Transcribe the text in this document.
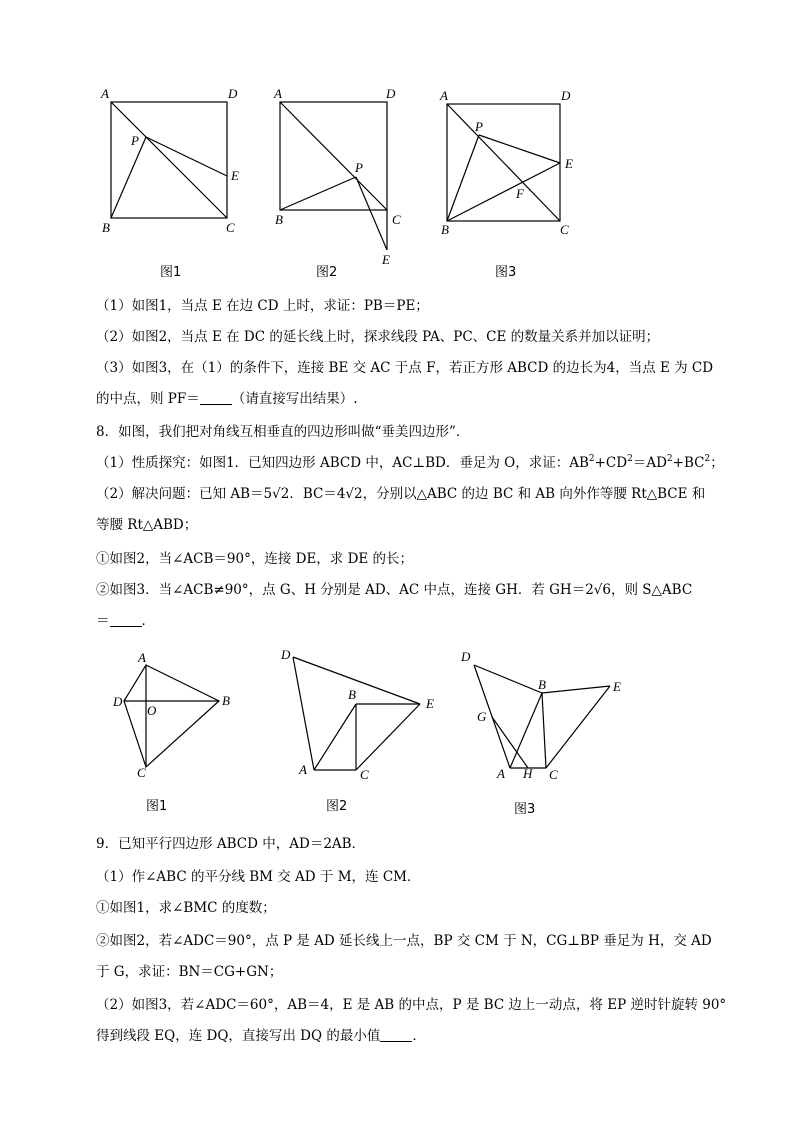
A	D
B	C
P
E
图1
A	D
B	C
P
E
图2
A	D
B	C
P
E
F
图3
（1）如图1，当点 E 在边 CD 上时，求证：PB＝PE；
（2）如图2，当点 E 在 DC 的延长线上时，探求线段 PA、PC、CE 的数量关系并加以证明；
（3）如图3，在（1）的条件下，连接 BE 交 AC 于点 F，若正方形 ABCD 的边长为4，当点 E 为 CD
的中点，则 PF＝ （请直接写出结果）.
8．如图，我们把对角线互相垂直的四边形叫做“垂美四边形”．
（1）性质探究：如图1．已知四边形 ABCD 中，AC⊥BD．垂足为 O，求证：$AB^2+CD^2=AD^2+BC^2$；
（2）解决问题：已知 AB＝5√2．BC＝4√2，分别以△ABC 的边 BC 和 AB 向外作等腰 Rt△BCE 和
等腰 Rt△ABD；
①如图2，当∠ACB＝90°，连接 DE，求 DE 的长；
②如图3．当∠ACB≠90°，点 G、H 分别是 AD、AC 中点，连接 GH．若 GH＝2√6，则 S△ABC
＝ ．
A
B
D
O
C
图1
D
B
E
A	C
图2
D
B	E
G
A H C
图3
9．已知平行四边形 ABCD 中，AD＝2AB．
（1）作∠ABC 的平分线 BM 交 AD 于 M，连 CM．
①如图1，求∠BMC 的度数；
②如图2，若∠ADC＝90°，点 P 是 AD 延长线上一点，BP 交 CM 于 N，CG⊥BP 垂足为 H，交 AD
于 G，求证：BN＝CG+GN；
（2）如图3，若∠ADC＝60°，AB＝4，E 是 AB 的中点，P 是 BC 边上一动点，将 EP 逆时针旋转 90°
得到线段 EQ，连 DQ，直接写出 DQ 的最小值 ．
